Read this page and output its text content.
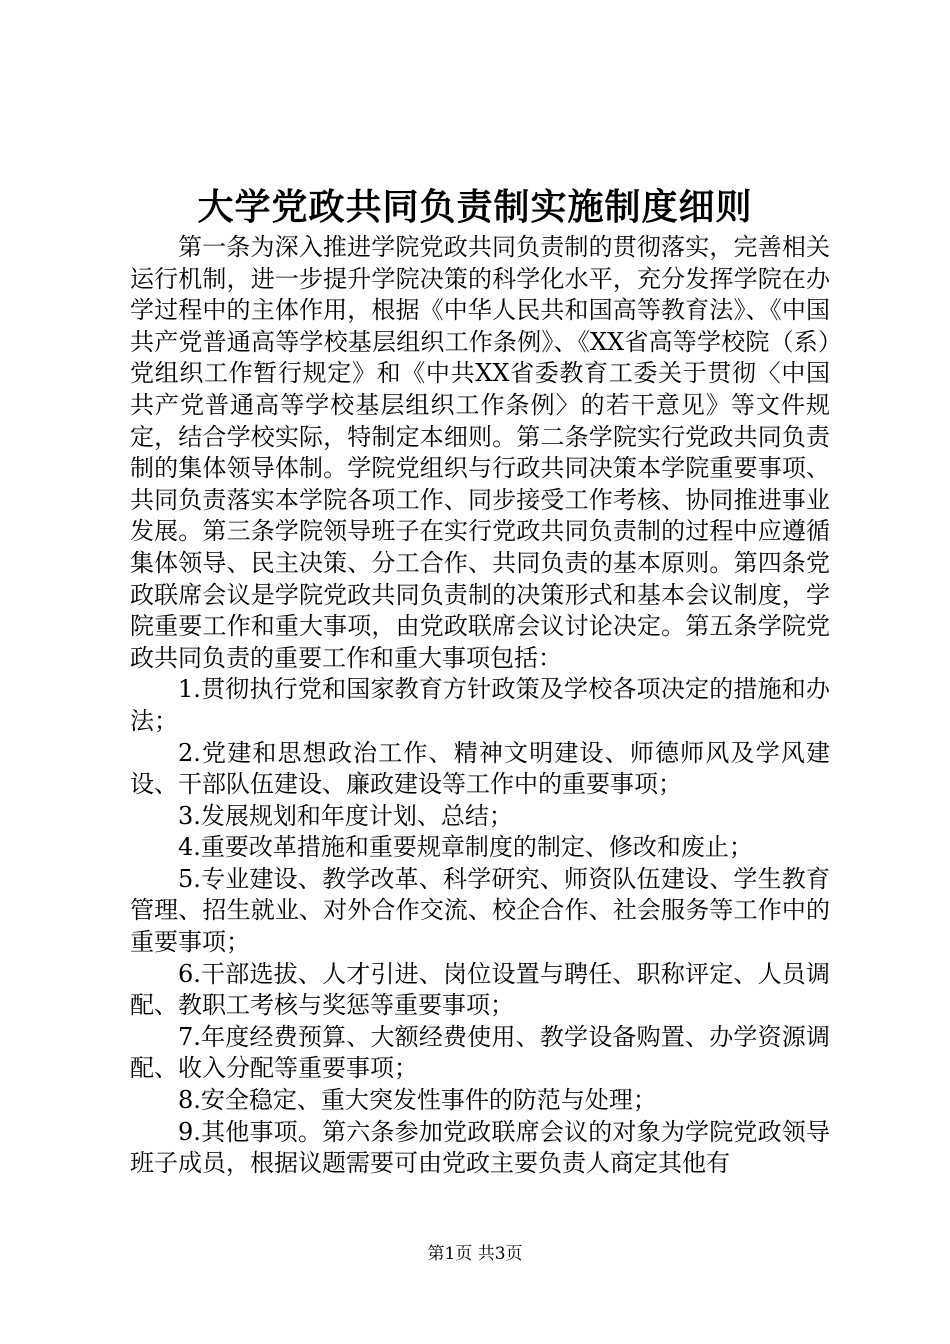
大学党政共同负责制实施制度细则

第一条为深入推进学院党政共同负责制的贯彻落实，完善相关运行机制，进一步提升学院决策的科学化水平，充分发挥学院在办学过程中的主体作用，根据《中华人民共和国高等教育法》、《中国共产党普通高等学校基层组织工作条例》、《XX省高等学校院（系）党组织工作暂行规定》和《中共XX省委教育工委关于贯彻〈中国共产党普通高等学校基层组织工作条例〉的若干意见》等文件规定，结合学校实际，特制定本细则。第二条学院实行党政共同负责制的集体领导体制。学院党组织与行政共同决策本学院重要事项、共同负责落实本学院各项工作、同步接受工作考核、协同推进事业发展。第三条学院领导班子在实行党政共同负责制的过程中应遵循集体领导、民主决策、分工合作、共同负责的基本原则。第四条党政联席会议是学院党政共同负责制的决策形式和基本会议制度，学院重要工作和重大事项，由党政联席会议讨论决定。第五条学院党政共同负责的重要工作和重大事项包括：

1.贯彻执行党和国家教育方针政策及学校各项决定的措施和办法；

2.党建和思想政治工作、精神文明建设、师德师风及学风建设、干部队伍建设、廉政建设等工作中的重要事项；

3.发展规划和年度计划、总结；

4.重要改革措施和重要规章制度的制定、修改和废止；

5.专业建设、教学改革、科学研究、师资队伍建设、学生教育管理、招生就业、对外合作交流、校企合作、社会服务等工作中的重要事项；

6.干部选拔、人才引进、岗位设置与聘任、职称评定、人员调配、教职工考核与奖惩等重要事项；

7.年度经费预算、大额经费使用、教学设备购置、办学资源调配、收入分配等重要事项；

8.安全稳定、重大突发性事件的防范与处理；

9.其他事项。第六条参加党政联席会议的对象为学院党政领导班子成员，根据议题需要可由党政主要负责人商定其他有

第1页 共3页
